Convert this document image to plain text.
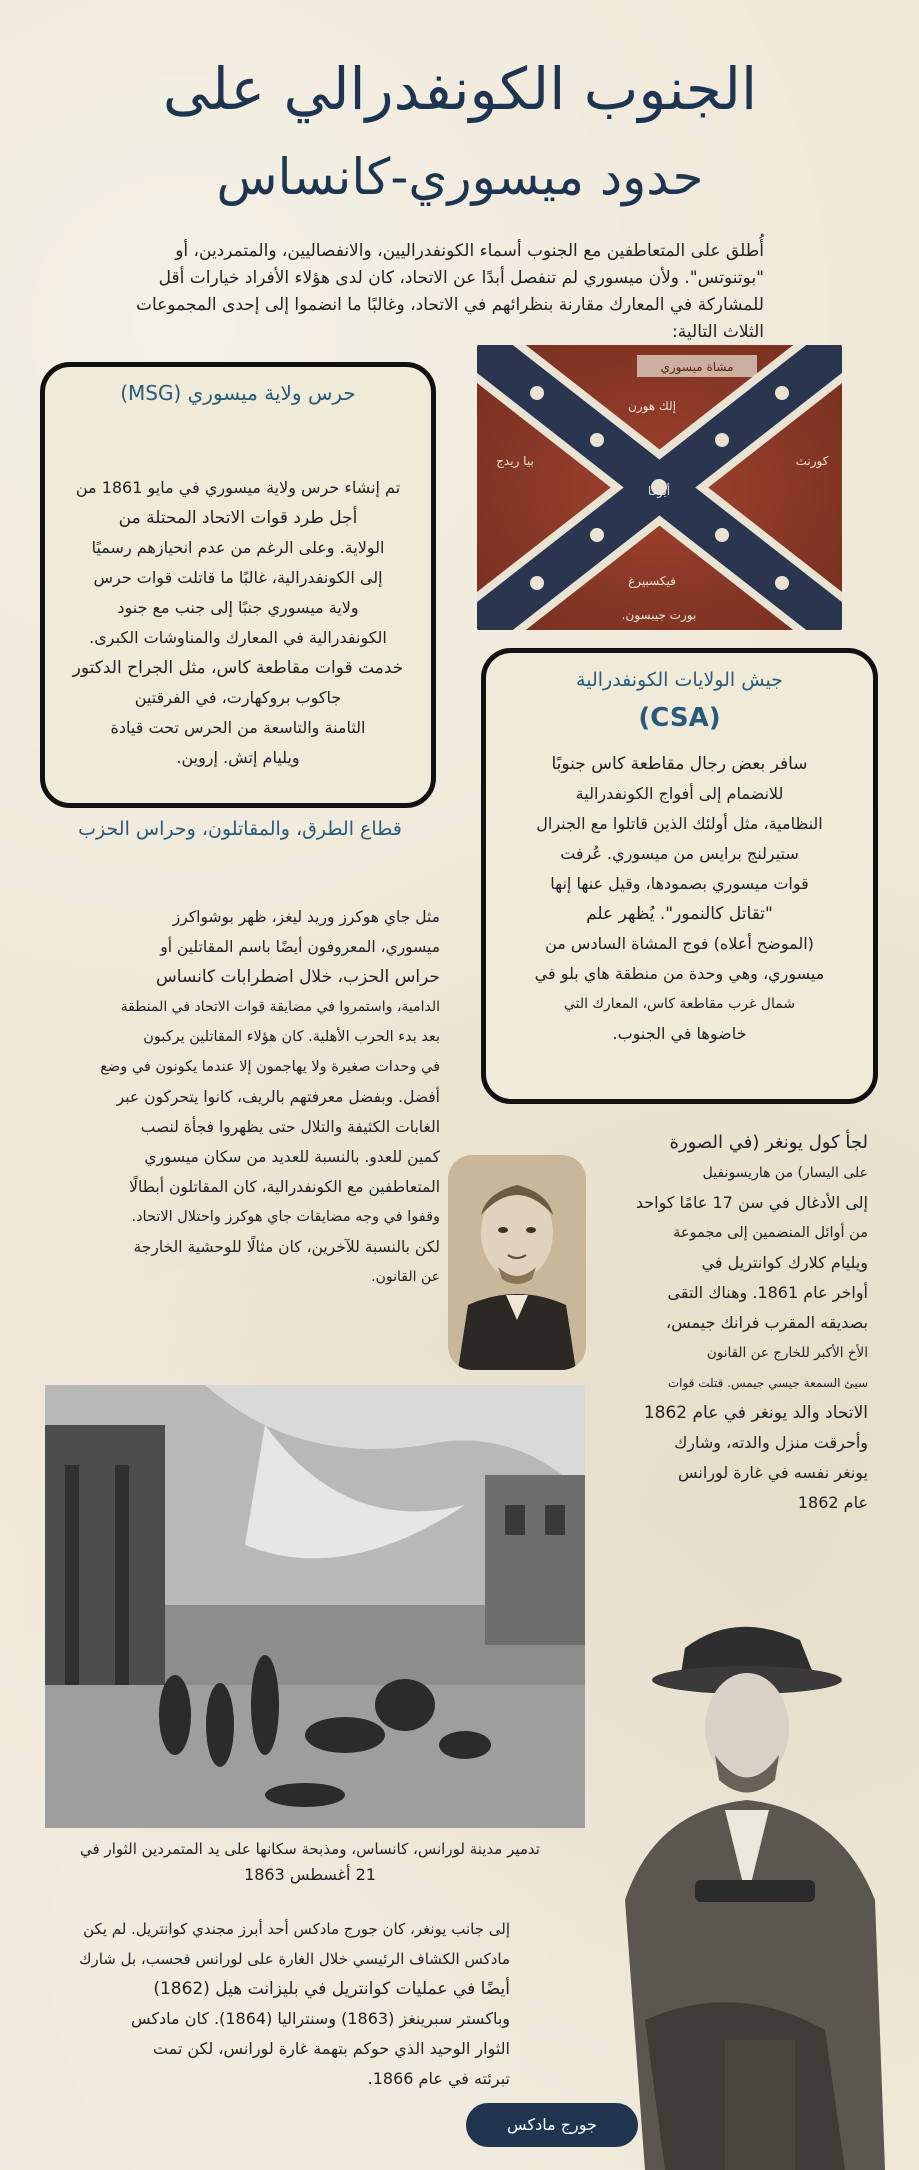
الجنوب الكونفدرالي على
حدود ميسوري-كانساس
أُطلق على المتعاطفين مع الجنوب أسماء الكونفدراليين، والانفصاليين، والمتمردين، أو "بوتنوتس". ولأن ميسوري لم تنفصل أبدًا عن الاتحاد، كان لدى هؤلاء الأفراد خيارات أقل للمشاركة في المعارك مقارنة بنظرائهم في الاتحاد، وغالبًا ما انضموا إلى إحدى المجموعات الثلاث التالية:
مشاة ميسوري
إلك هورن
أيوكا
كورنث
فيكسبيرغ
بورت جيبسون.
بيا ريدج
حرس ولاية ميسوري (MSG)

تم إنشاء حرس ولاية ميسوري في مايو 1861 من

أجل طرد قوات الاتحاد المحتلة من

الولاية. وعلى الرغم من عدم انحيازهم رسميًا

إلى الكونفدرالية، غالبًا ما قاتلت قوات حرس

ولاية ميسوري جنبًا إلى جنب مع جنود

الكونفدرالية في المعارك والمناوشات الكبرى.

خدمت قوات مقاطعة كاس، مثل الجراح الدكتور

جاكوب بروكهارت، في الفرقتين

الثامنة والتاسعة من الحرس تحت قيادة

ويليام إتش. إروين.

جيش الولايات الكونفدرالية
(CSA)

سافر بعض رجال مقاطعة كاس جنوبًا

للانضمام إلى أفواج الكونفدرالية

النظامية، مثل أولئك الذين قاتلوا مع الجنرال

ستيرلنج برايس من ميسوري. عُرفت

قوات ميسوري بصمودها، وقيل عنها إنها

"تقاتل كالنمور". يُظهر علم

(الموضح أعلاه) فوج المشاة السادس من

ميسوري، وهي وحدة من منطقة هاي بلو في

شمال غرب مقاطعة كاس، المعارك التي

خاضوها في الجنوب.

قطاع الطرق، والمقاتلون، وحراس الحزب

مثل جاي هوكرز وريد ليغز، ظهر بوشواكرز

ميسوري، المعروفون أيضًا باسم المقاتلين أو

حراس الحزب، خلال اضطرابات كانساس

الدامية، واستمروا في مضايقة قوات الاتحاد في المنطقة

بعد بدء الحرب الأهلية. كان هؤلاء المقاتلين يركبون

في وحدات صغيرة ولا يهاجمون إلا عندما يكونون في وضع

أفضل. وبفضل معرفتهم بالريف، كانوا يتحركون عبر

الغابات الكثيفة والتلال حتى يظهروا فجأة لنصب

كمين للعدو. بالنسبة للعديد من سكان ميسوري

المتعاطفين مع الكونفدرالية، كان المقاتلون أبطالًا

وقفوا في وجه مضايقات جاي هوكرز واحتلال الاتحاد.

لكن بالنسبة للآخرين، كان مثالًا للوحشية الخارجة

عن القانون.

لجأ كول يونغر (في الصورة

على اليسار) من هاريسونفيل

إلى الأدغال في سن 17 عامًا كواحد

من أوائل المنضمين إلى مجموعة

ويليام كلارك كوانتريل في

أواخر عام 1861. وهناك التقى

بصديقه المقرب فرانك جيمس،

الأخ الأكبر للخارج عن القانون

سيئ السمعة جيسي جيمس. قتلت قوات

الاتحاد والد يونغر في عام 1862

وأحرقت منزل والدته، وشارك

يونغر نفسه في غارة لورانس

عام 1862

تدمير مدينة لورانس، كانساس، ومذبحة سكانها على يد المتمردين الثوار في
21 أغسطس 1863

إلى جانب يونغر، كان جورج مادكس أحد أبرز مجندي كوانتريل. لم يكن

مادكس الكشاف الرئيسي خلال الغارة على لورانس فحسب، بل شارك

أيضًا في عمليات كوانتريل في بليزانت هيل (1862)

وباكستر سبرينغز (1863) وسنتراليا (1864). كان مادكس

الثوار الوحيد الذي حوكم بتهمة غارة لورانس، لكن تمت

تبرئته في عام 1866.

جورج مادكس
